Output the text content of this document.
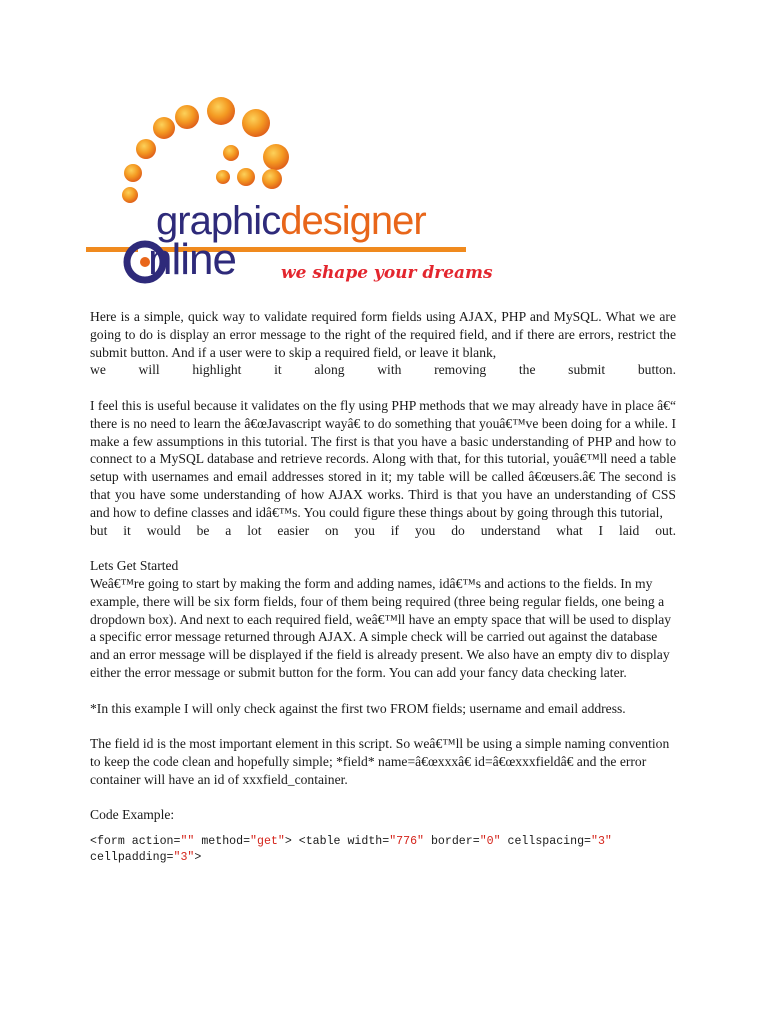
graphicdesigner
nline	we shape your dreams

Here is a simple, quick way to validate required form fields using AJAX, PHP and MySQL. What we are going to do is display an error message to the right of the required field, and if there are errors, restrict the submit button. And if a user were to skip a required field, or leave it blank,
we will highlight it along with removing the submit button.

I feel this is useful because it validates on the fly using PHP methods that we may already have in place â€“ there is no need to learn the â€œJavascript wayâ€ to do something that youâ€™ve been doing for a while. I make a few assumptions in this tutorial. The first is that you have a basic understanding of PHP and how to connect to a MySQL database and retrieve records. Along with that, for this tutorial, youâ€™ll need a table setup with usernames and email addresses stored in it; my table will be called â€œusers.â€ The second is that you have some understanding of how AJAX works. Third is that you have an understanding of CSS and how to define classes and idâ€™s. You could figure these things about by going through this tutorial,
but it would be a lot easier on you if you do understand what I laid out.

Lets Get Started
Weâ€™re going to start by making the form and adding names, idâ€™s and actions to the fields. In my example, there will be six form fields, four of them being required (three being regular fields, one being a dropdown box). And next to each required field, weâ€™ll have an empty space that will be used to display a specific error message returned through AJAX. A simple check will be carried out against the database and an error message will be displayed if the field is already present. We also have an empty div to display either the error message or submit button for the form. You can add your fancy data checking later.

*In this example I will only check against the first two FROM fields; username and email address.

The field id is the most important element in this script. So weâ€™ll be using a simple naming convention to keep the code clean and hopefully simple; *field* name=â€œxxxâ€ id=â€œxxxfieldâ€ and the error container will have an id of xxxfield_container.

Code Example:

<form action="" method="get"> <table width="776" border="0" cellspacing="3"
cellpadding="3">
